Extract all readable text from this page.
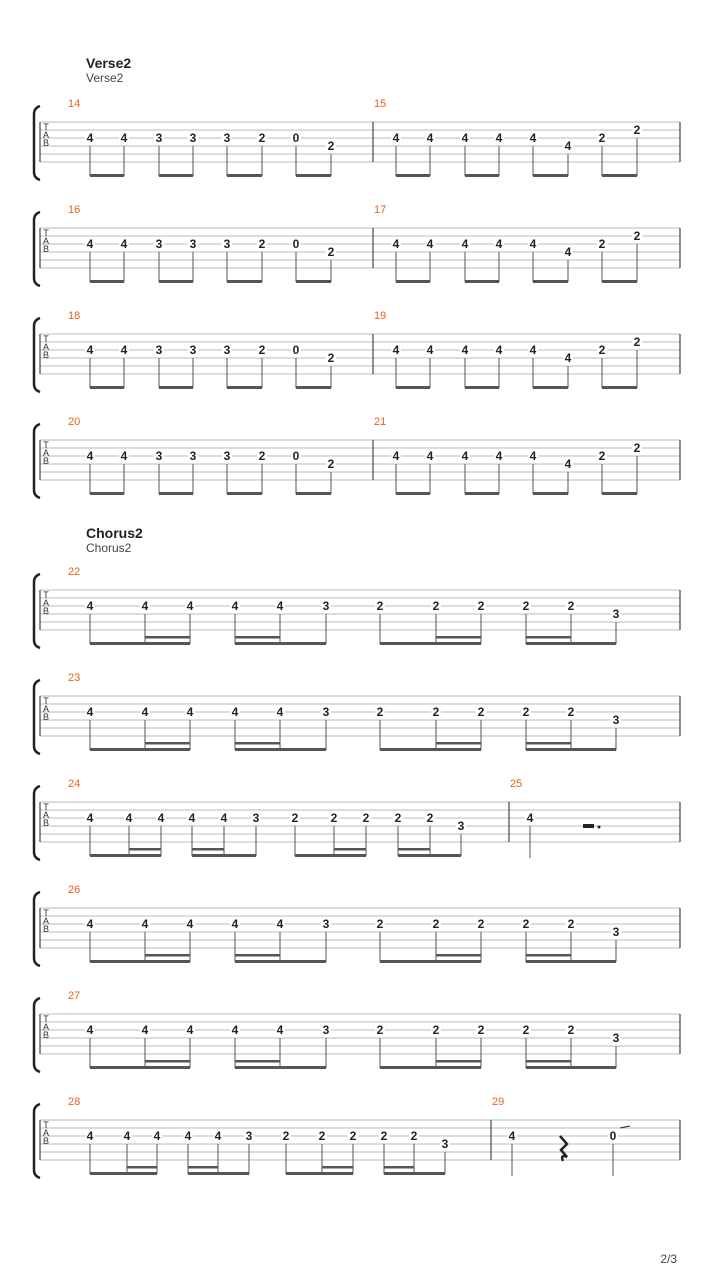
Verse2
Verse2
Chorus2
Chorus2
T
A
B
14
4 4 3 3 3 2 0
2
15
4 4 4 4 4
4
2
2
T
A
B
16
4 4 3 3 3 2 0
2
17
4 4 4 4 4
4
2
2
T
A
B
18
4 4 3 3 3 2 0
2
19
4 4 4 4 4
4
2
2
T
A
B
20
4 4 3 3 3 2 0
2
21
4 4 4 4 4
4
2
2
T
A
B
22
4	4	4	4	4	3	2	2	2	2	2
3
T
A
B
23
4	4	4	4	4	3	2	2	2	2	2
3
T
A
B
24
4	4 4 4 4 3	2	2 2 2 2
3
25
4
T
A
B
26
4	4	4	4	4	3	2	2	2	2	2
3
T
A
B
27
4	4	4	4	4	3	2	2	2	2	2
3
T
A
B
28
4	4 4 4 4 3	2 2 2 2 2
3
29
4	0
2/3
